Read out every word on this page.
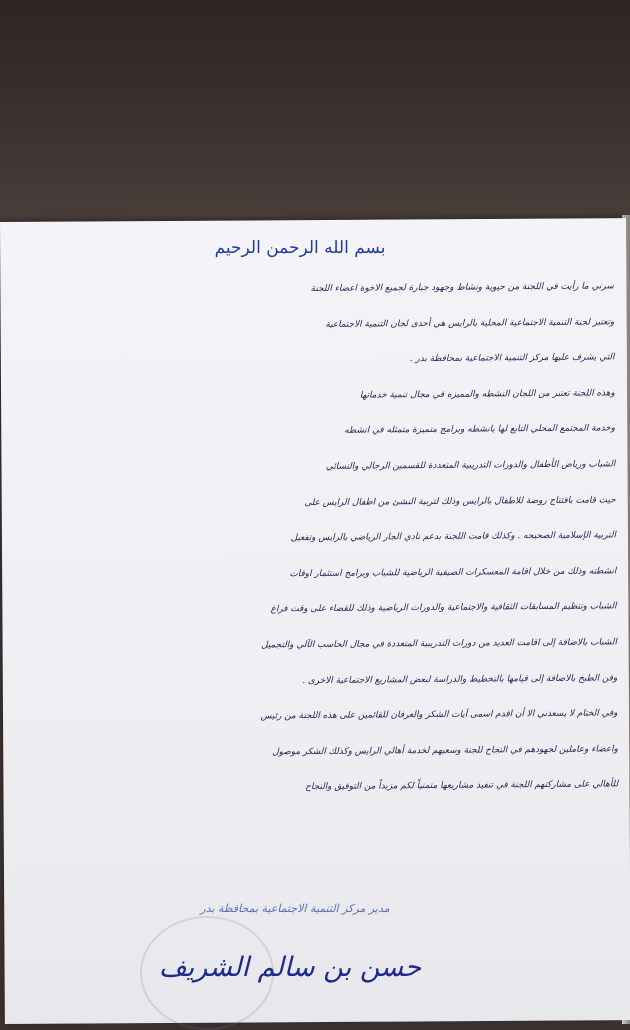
بسم الله الرحمن الرحيم
سرني ما رأيت في اللجنة من حيوية ونشاط وجهود جبارة لجميع الاخوة اعضاء اللجنة
وتعتبر لجنة التنمية الاجتماعية المحلية بالرايس هي أحدى لجان التنمية الاجتماعية
التي يشرف عليها مركز التنمية الاجتماعية بمحافظة بدر .
وهذه اللجنة تعتبر من اللجان النشطه والمميزه في مجال تنمية خدماتها
وخدمة المجتمع المحلي التابع لها بانشطه وبرامج متميزة متمثله في انشطه
الشباب ورياض الأطفال والدورات التدريبية المتعددة للقسمين الرجالي والنسائي
حيث قامت بافتتاح روضة للاطفال بالرايس وذلك لتربية النشئ من اطفال الرايس على
التربية الإسلامية الصحيحه . وكذلك قامت اللجنة بدعم نادي الجار الرياضي بالرايس وتفعيل
انشطته وذلك من خلال اقامة المعسكرات الصيفية الرياضية للشباب وبرامج استثمار اوقات
الشباب وتنظيم المسابقات الثقافية والاجتماعية والدورات الرياضية وذلك للقضاء على وقت فراغ
الشباب بالاضافة إلى اقامت العديد من دورات التدريبية المتعددة في مجال الحاسب الآلي والتجميل
وفن الطبخ بالاضافة إلى قيامها بالتخطيط والدراسة لبعض المشاريع الاجتماعية الاخرى .
وفي الختام لا يسعدني الا أن اقدم اسمى آيات الشكر والعرفان للقائمين على هذه اللجنة من رئيس
واعضاء وعاملين لجهودهم في النجاح للجنة وسعيهم لخدمة أهالي الرايس وكذلك الشكر موصول
للأهالي على مشاركتهم اللجنة في تنفيذ مشاريعها متمنياً لكم مزيداً من التوفيق والنجاح
مدير مركز التنمية الاجتماعية بمحافظة بدر
حسن بن سالم الشريف
